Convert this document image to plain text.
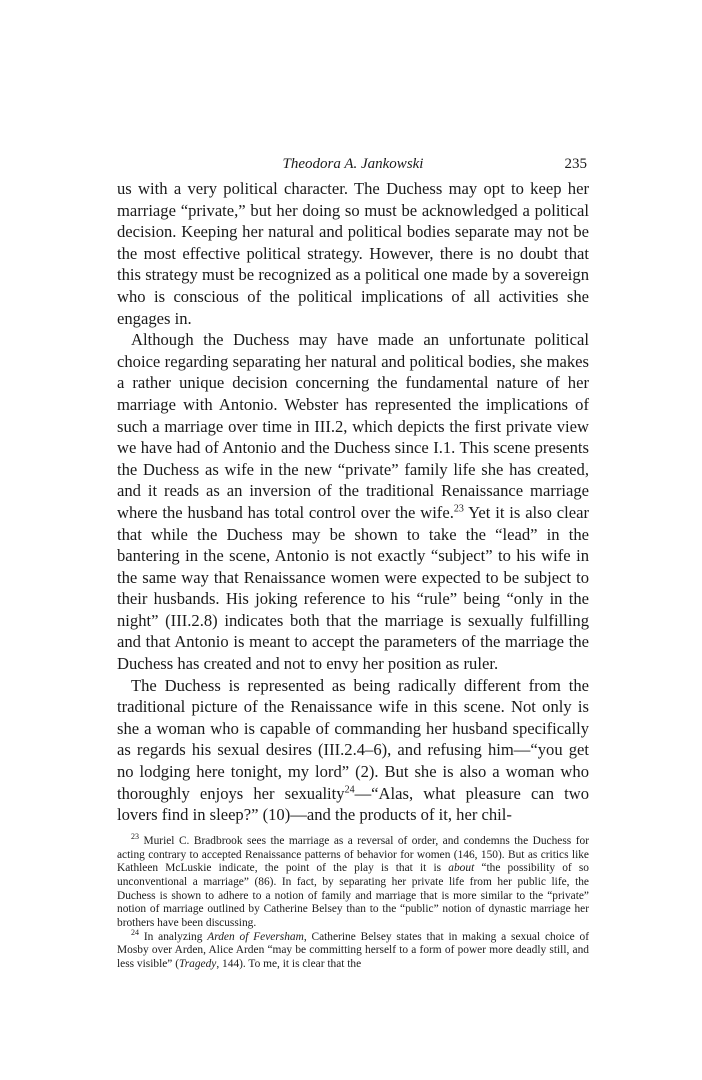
Theodora A. Jankowski	235

us with a very political character. The Duchess may opt to keep her marriage “private,” but her doing so must be acknowledged a political decision. Keeping her natural and political bodies separate may not be the most effective political strategy. However, there is no doubt that this strategy must be recognized as a political one made by a sovereign who is conscious of the political implications of all activities she engages in.

Although the Duchess may have made an unfortunate political choice regarding separating her natural and political bodies, she makes a rather unique decision concerning the fundamental nature of her marriage with Antonio. Webster has represented the implications of such a marriage over time in III.2, which depicts the first private view we have had of Antonio and the Duchess since I.1. This scene presents the Duchess as wife in the new “private” family life she has created, and it reads as an inversion of the traditional Renaissance marriage where the husband has total control over the wife.$^{23}$ Yet it is also clear that while the Duchess may be shown to take the “lead” in the bantering in the scene, Antonio is not exactly “subject” to his wife in the same way that Renaissance women were expected to be subject to their husbands. His joking reference to his “rule” being “only in the night” (III.2.8) indicates both that the marriage is sexually fulfilling and that Antonio is meant to accept the parameters of the marriage the Duchess has created and not to envy her position as ruler.

The Duchess is represented as being radically different from the traditional picture of the Renaissance wife in this scene. Not only is she a woman who is capable of commanding her husband specifically as regards his sexual desires (III.2.4–6), and refusing him—“you get no lodging here tonight, my lord” (2). But she is also a woman who thoroughly enjoys her sexuality$^{24}$—“Alas, what pleasure can two lovers find in sleep?” (10)—and the products of it, her chil-

$^{23}$ Muriel C. Bradbrook sees the marriage as a reversal of order, and condemns the Duchess for acting contrary to accepted Renaissance patterns of behavior for women (146, 150). But as critics like Kathleen McLuskie indicate, the point of the play is that it is about “the possibility of so unconventional a marriage” (86). In fact, by separating her private life from her public life, the Duchess is shown to adhere to a notion of family and marriage that is more similar to the “private” notion of marriage outlined by Catherine Belsey than to the “public” notion of dynastic marriage her brothers have been discussing.

$^{24}$ In analyzing Arden of Feversham, Catherine Belsey states that in making a sexual choice of Mosby over Arden, Alice Arden “may be committing herself to a form of power more deadly still, and less visible” (Tragedy, 144). To me, it is clear that the
